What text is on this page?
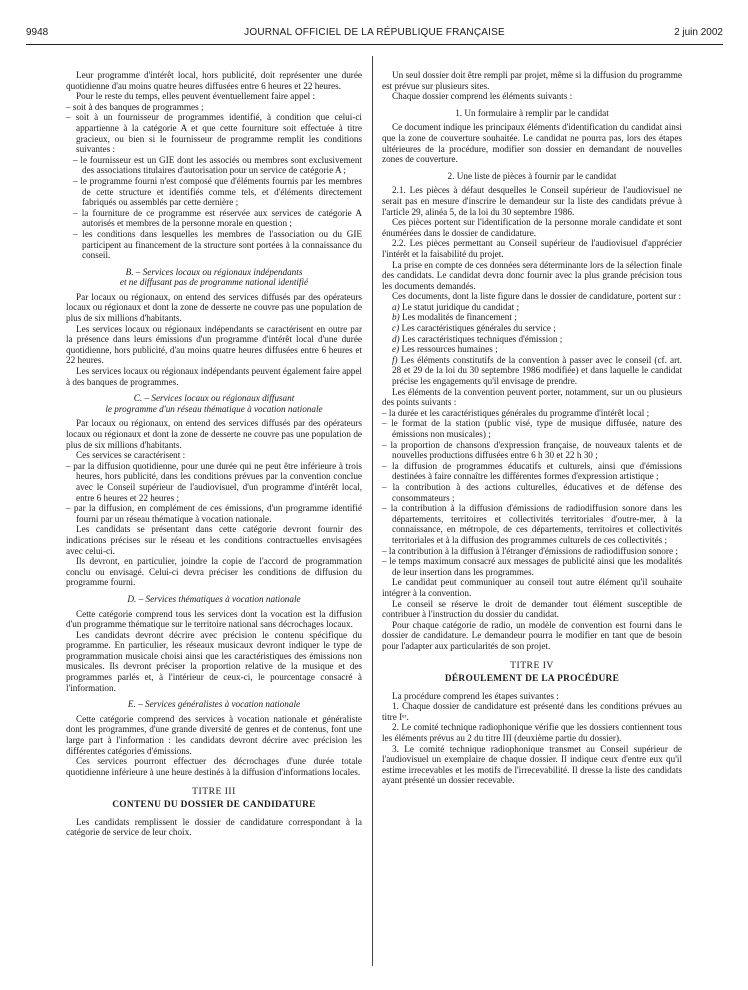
9948	JOURNAL OFFICIEL DE LA RÉPUBLIQUE FRANÇAISE	2 juin 2002

Leur programme d'intérêt local, hors publicité, doit représenter une durée quotidienne d'au moins quatre heures diffusées entre 6 heures et 22 heures.

Pour le reste du temps, elles peuvent éventuellement faire appel :

– soit à des banques de programmes ;

– soit à un fournisseur de programmes identifié, à condition que celui-ci appartienne à la catégorie A et que cette fourniture soit effectuée à titre gracieux, ou bien si le fournisseur de programme remplit les conditions suivantes :

– le fournisseur est un GIE dont les associés ou membres sont exclusivement des associations titulaires d'autorisation pour un service de catégorie A ;

– le programme fourni n'est composé que d'éléments fournis par les membres de cette structure et identifiés comme tels, et d'éléments directement fabriqués ou assemblés par cette dernière ;

– la fourniture de ce programme est réservée aux services de catégorie A autorisés et membres de la personne morale en question ;

– les conditions dans lesquelles les membres de l'association ou du GIE participent au financement de la structure sont portées à la connaissance du conseil.

B. – Services locaux ou régionaux indépendants
et ne diffusant pas de programme national identifié

Par locaux ou régionaux, on entend des services diffusés par des opérateurs locaux ou régionaux et dont la zone de desserte ne couvre pas une population de plus de six millions d'habitants.

Les services locaux ou régionaux indépendants se caractérisent en outre par la présence dans leurs émissions d'un programme d'intérêt local d'une durée quotidienne, hors publicité, d'au moins quatre heures diffusées entre 6 heures et 22 heures.

Les services locaux ou régionaux indépendants peuvent également faire appel à des banques de programmes.

C. – Services locaux ou régionaux diffusant
le programme d'un réseau thématique à vocation nationale

Par locaux ou régionaux, on entend des services diffusés par des opérateurs locaux ou régionaux et dont la zone de desserte ne couvre pas une population de plus de six millions d'habitants.

Ces services se caractérisent :

– par la diffusion quotidienne, pour une durée qui ne peut être inférieure à trois heures, hors publicité, dans les conditions prévues par la convention conclue avec le Conseil supérieur de l'audiovisuel, d'un programme d'intérêt local, entre 6 heures et 22 heures ;

– par la diffusion, en complément de ces émissions, d'un programme identifié fourni par un réseau thématique à vocation nationale.

Les candidats se présentant dans cette catégorie devront fournir des indications précises sur le réseau et les conditions contractuelles envisagées avec celui-ci.

Ils devront, en particulier, joindre la copie de l'accord de programmation conclu ou envisagé. Celui-ci devra préciser les conditions de diffusion du programme fourni.

D. – Services thématiques à vocation nationale

Cette catégorie comprend tous les services dont la vocation est la diffusion d'un programme thématique sur le territoire national sans décrochages locaux.

Les candidats devront décrire avec précision le contenu spécifique du programme. En particulier, les réseaux musicaux devront indiquer le type de programmation musicale choisi ainsi que les caractéristiques des émissions non musicales. Ils devront préciser la proportion relative de la musique et des programmes parlés et, à l'intérieur de ceux-ci, le pourcentage consacré à l'information.

E. – Services généralistes à vocation nationale

Cette catégorie comprend des services à vocation nationale et généraliste dont les programmes, d'une grande diversité de genres et de contenus, font une large part à l'information : les candidats devront décrire avec précision les différentes catégories d'émissions.

Ces services pourront effectuer des décrochages d'une durée totale quotidienne inférieure à une heure destinés à la diffusion d'informations locales.

TITRE III
CONTENU DU DOSSIER DE CANDIDATURE

Les candidats remplissent le dossier de candidature correspondant à la catégorie de service de leur choix.

Un seul dossier doit être rempli par projet, même si la diffusion du programme est prévue sur plusieurs sites.

Chaque dossier comprend les éléments suivants :

1. Un formulaire à remplir par le candidat

Ce document indique les principaux éléments d'identification du candidat ainsi que la zone de couverture souhaitée. Le candidat ne pourra pas, lors des étapes ultérieures de la procédure, modifier son dossier en demandant de nouvelles zones de couverture.

2. Une liste de pièces à fournir par le candidat

2.1. Les pièces à défaut desquelles le Conseil supérieur de l'audiovisuel ne serait pas en mesure d'inscrire le demandeur sur la liste des candidats prévue à l'article 29, alinéa 5, de la loi du 30 septembre 1986.

Ces pièces portent sur l'identification de la personne morale candidate et sont énumérées dans le dossier de candidature.

2.2. Les pièces permettant au Conseil supérieur de l'audiovisuel d'apprécier l'intérêt et la faisabilité du projet.

La prise en compte de ces données sera déterminante lors de la sélection finale des candidats. Le candidat devra donc fournir avec la plus grande précision tous les documents demandés.

Ces documents, dont la liste figure dans le dossier de candidature, portent sur :

a) Le statut juridique du candidat ;

b) Les modalités de financement ;

c) Les caractéristiques générales du service ;

d) Les caractéristiques techniques d'émission ;

e) Les ressources humaines ;

f) Les éléments constitutifs de la convention à passer avec le conseil (cf. art. 28 et 29 de la loi du 30 septembre 1986 modifiée) et dans laquelle le candidat précise les engagements qu'il envisage de prendre.

Les éléments de la convention peuvent porter, notamment, sur un ou plusieurs des points suivants :

– la durée et les caractéristiques générales du programme d'intérêt local ;

– le format de la station (public visé, type de musique diffusée, nature des émissions non musicales) ;

– la proportion de chansons d'expression française, de nouveaux talents et de nouvelles productions diffusées entre 6 h 30 et 22 h 30 ;

– la diffusion de programmes éducatifs et culturels, ainsi que d'émissions destinées à faire connaître les différentes formes d'expression artistique ;

– la contribution à des actions culturelles, éducatives et de défense des consommateurs ;

– la contribution à la diffusion d'émissions de radiodiffusion sonore dans les départements, territoires et collectivités territoriales d'outre-mer, à la connaissance, en métropole, de ces départements, territoires et collectivités territoriales et à la diffusion des programmes culturels de ces collectivités ;

– la contribution à la diffusion à l'étranger d'émissions de radiodiffusion sonore ;

– le temps maximum consacré aux messages de publicité ainsi que les modalités de leur insertion dans les programmes.

Le candidat peut communiquer au conseil tout autre élément qu'il souhaite intégrer à la convention.

Le conseil se réserve le droit de demander tout élément susceptible de contribuer à l'instruction du dossier du candidat.

Pour chaque catégorie de radio, un modèle de convention est fourni dans le dossier de candidature. Le demandeur pourra le modifier en tant que de besoin pour l'adapter aux particularités de son projet.

TITRE IV
DÉROULEMENT DE LA PROCÉDURE

La procédure comprend les étapes suivantes :

1. Chaque dossier de candidature est présenté dans les conditions prévues au titre Iᵉʳ.

2. Le comité technique radiophonique vérifie que les dossiers contiennent tous les éléments prévus au 2 du titre III (deuxième partie du dossier).

3. Le comité technique radiophonique transmet au Conseil supérieur de l'audiovisuel un exemplaire de chaque dossier. Il indique ceux d'entre eux qu'il estime irrecevables et les motifs de l'irrecevabilité. Il dresse la liste des candidats ayant présenté un dossier recevable.
